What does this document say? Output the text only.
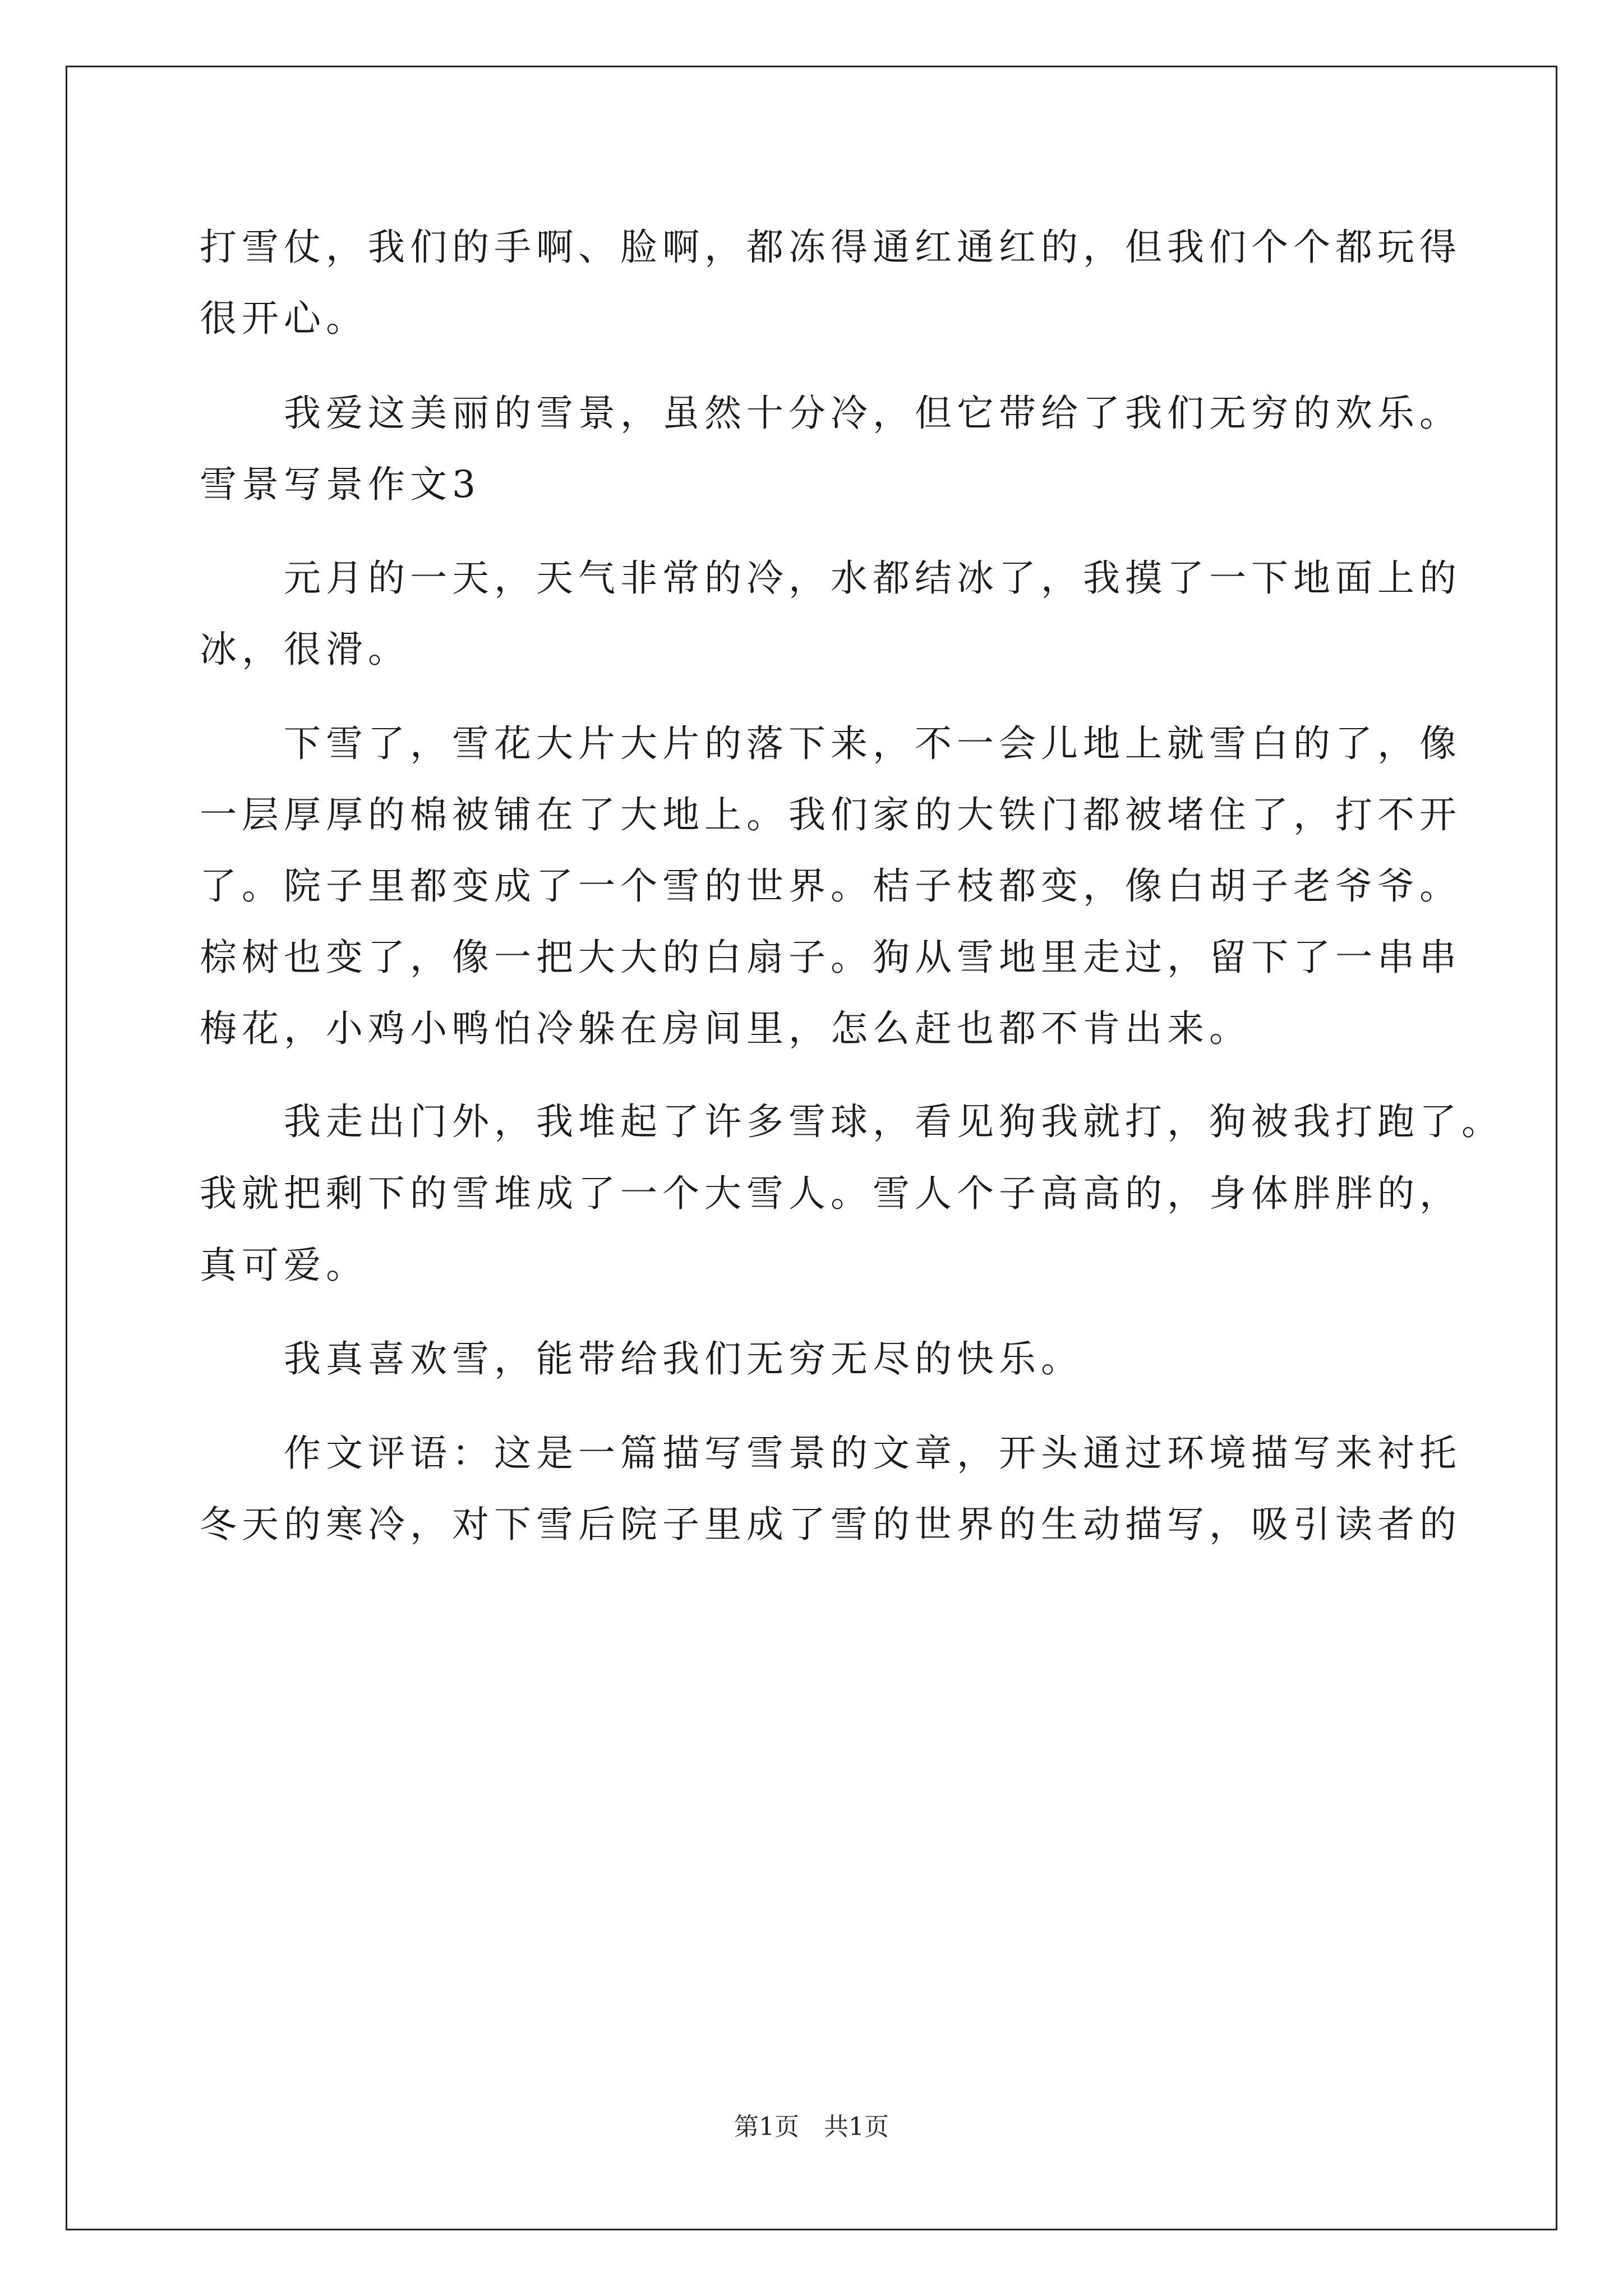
打雪仗，我们的手啊、脸啊，都冻得通红通红的，但我们个个都玩得
很开心。
　　我爱这美丽的雪景，虽然十分冷，但它带给了我们无穷的欢乐。
雪景写景作文3
　　元月的一天，天气非常的冷，水都结冰了，我摸了一下地面上的
冰，很滑。
　　下雪了，雪花大片大片的落下来，不一会儿地上就雪白的了，像
一层厚厚的棉被铺在了大地上。我们家的大铁门都被堵住了，打不开
了。院子里都变成了一个雪的世界。桔子枝都变，像白胡子老爷爷。
棕树也变了，像一把大大的白扇子。狗从雪地里走过，留下了一串串
梅花，小鸡小鸭怕冷躲在房间里，怎么赶也都不肯出来。
　　我走出门外，我堆起了许多雪球，看见狗我就打，狗被我打跑了。
我就把剩下的雪堆成了一个大雪人。雪人个子高高的，身体胖胖的，
真可爱。
　　我真喜欢雪，能带给我们无穷无尽的快乐。
　　作文评语：这是一篇描写雪景的文章，开头通过环境描写来衬托
冬天的寒冷，对下雪后院子里成了雪的世界的生动描写，吸引读者的
第1页　共1页
